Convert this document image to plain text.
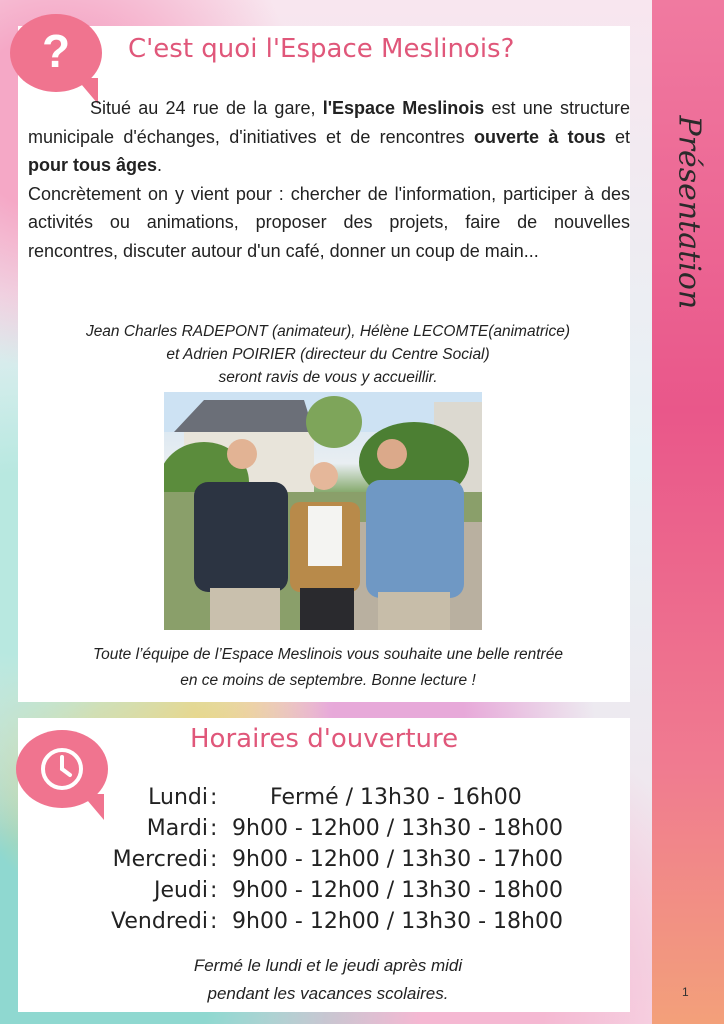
1
?	C'est quoi l'Espace Meslinois?

Situé au 24 rue de la gare, l'Espace Meslinois est une structure municipale d'échanges, d'initiatives et de rencontres ouverte à tous et pour tous âges.

Concrètement on y vient pour : chercher de l'information, participer à des activités ou animations, proposer des projets, faire de nouvelles rencontres, discuter autour d'un café, donner un coup de main...

Jean Charles RADEPONT (animateur), Hélène LECOMTE(animatrice)
et Adrien POIRIER (directeur du Centre Social)
seront ravis de vous y accueillir.
Toute l’équipe de l’Espace Meslinois vous souhaite une belle rentrée
en ce moins de septembre. Bonne lecture !
Horaires d'ouverture
Lundi : Fermé / 13h30 - 16h00
Mardi : 9h00 - 12h00 / 13h30 - 18h00
Mercredi : 9h00 - 12h00 / 13h30 - 17h00
Jeudi : 9h00 - 12h00 / 13h30 - 18h00
Vendredi : 9h00 - 12h00 / 13h30 - 18h00
Fermé le lundi et le jeudi après midi
pendant les vacances scolaires.
